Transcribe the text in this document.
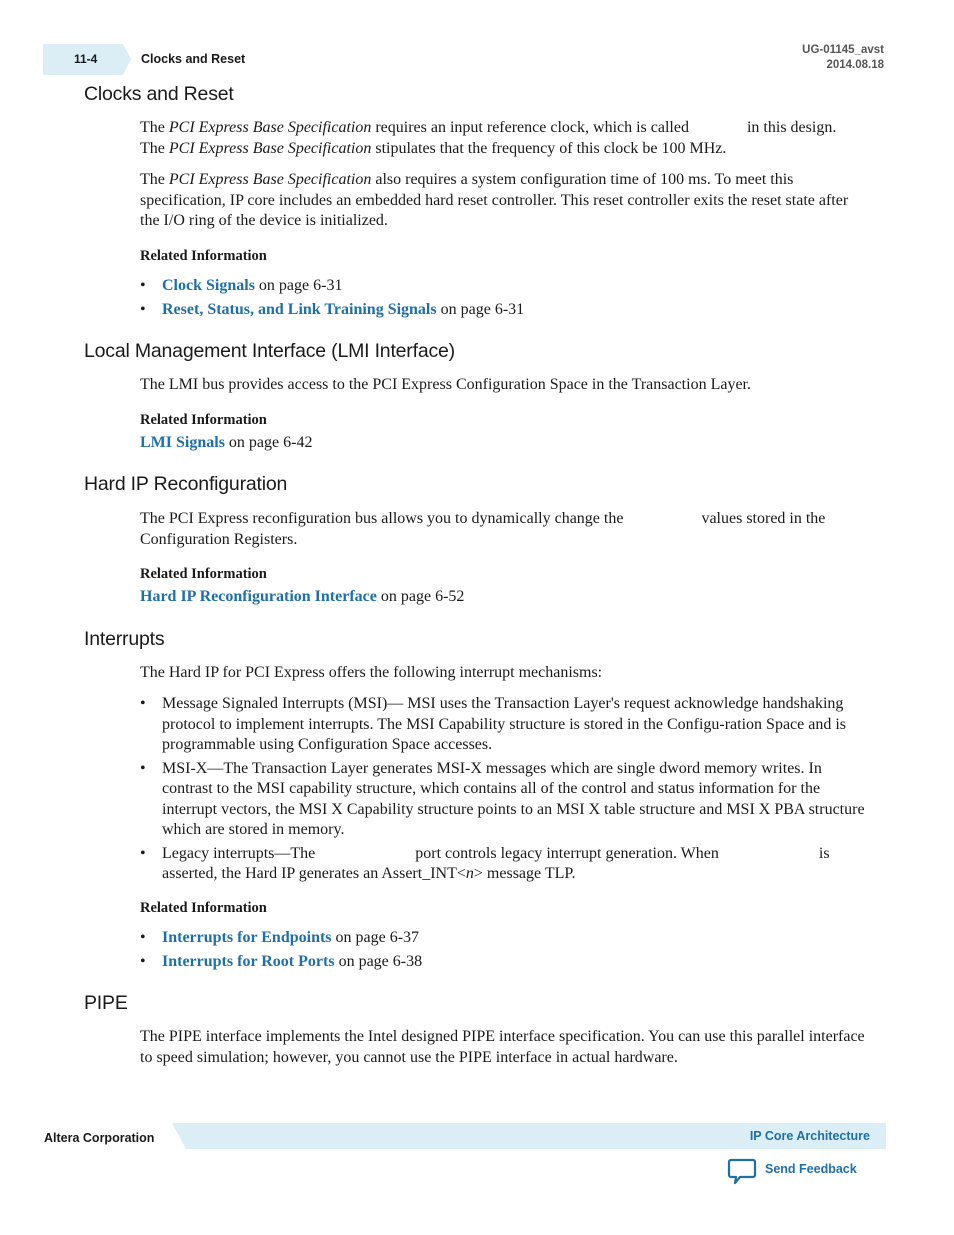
11-4	Clocks and Reset
UG-01145_avst
2014.08.18
Clocks and Reset

The PCI Express Base Specification requires an input reference clock, which is called	in this design.
The PCI Express Base Specification stipulates that the frequency of this clock be 100 MHz.

The PCI Express Base Specification also requires a system configuration time of 100 ms. To meet this specification, IP core includes an embedded hard reset controller. This reset controller exits the reset state after the I/O ring of the device is initialized.

Related Information

• Clock Signals on page 6-31
• Reset, Status, and Link Training Signals on page 6-31
Local Management Interface (LMI Interface)

The LMI bus provides access to the PCI Express Configuration Space in the Transaction Layer.

Related Information

LMI Signals on page 6-42

Hard IP Reconfiguration

The PCI Express reconfiguration bus allows you to dynamically change the	values stored in the Configuration Registers.

Related Information

Hard IP Reconfiguration Interface on page 6-52

Interrupts

The Hard IP for PCI Express offers the following interrupt mechanisms:

• Message Signaled Interrupts (MSI)— MSI uses the Transaction Layer's request acknowledge handshaking protocol to implement interrupts. The MSI Capability structure is stored in the Configu-ration Space and is programmable using Configuration Space accesses.
• MSI-X—The Transaction Layer generates MSI-X messages which are single dword memory writes. In contrast to the MSI capability structure, which contains all of the control and status information for the interrupt vectors, the MSI X Capability structure points to an MSI X table structure and MSI X PBA structure which are stored in memory.
• Legacy interrupts—The	port controls legacy interrupt generation. When	is asserted, the Hard IP generates an Assert_INT<n> message TLP.

Related Information

• Interrupts for Endpoints on page 6-37
• Interrupts for Root Ports on page 6-38
PIPE

The PIPE interface implements the Intel designed PIPE interface specification. You can use this parallel interface to speed simulation; however, you cannot use the PIPE interface in actual hardware.

Altera Corporation	IP Core Architecture
Send Feedback
